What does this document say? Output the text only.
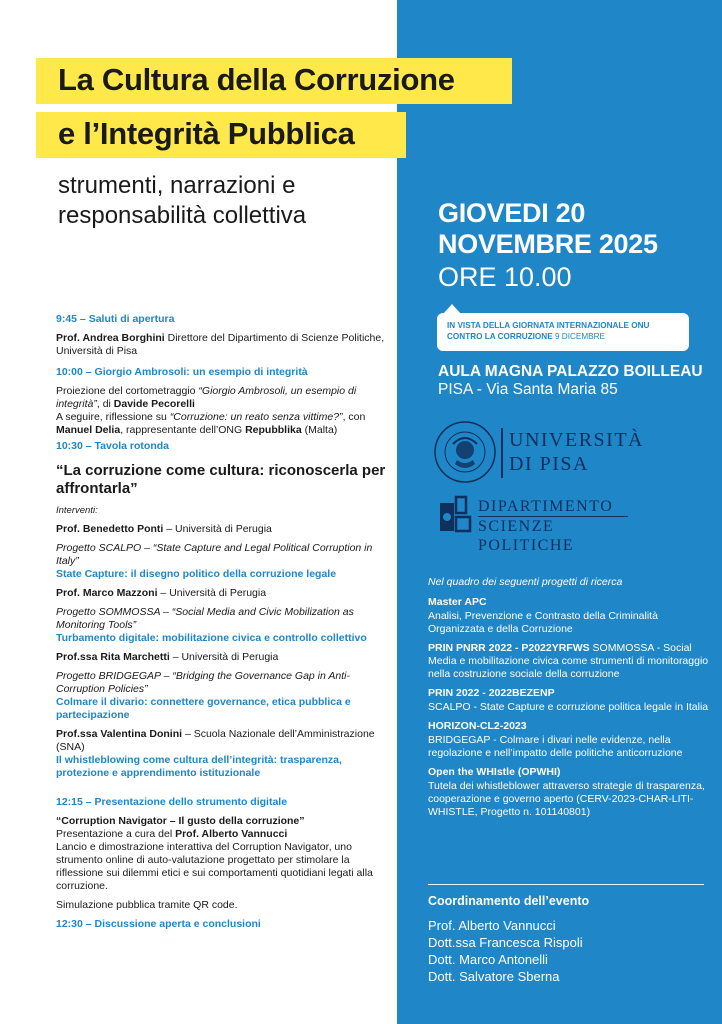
La Cultura della Corruzione
e l’Integrità Pubblica
strumenti, narrazioni e
responsabilità collettiva	GIOVEDI 20
NOVEMBRE 2025
ORE 10.00
IN VISTA DELLA GIORNATA INTERNAZIONALE ONU
CONTRO LA CORRUZIONE 9 DICEMBRE
AULA MAGNA PALAZZO BOILLEAU
PISA - Via Santa Maria 85
UNIVERSITÀ
DI PISA
DIPARTIMENTO
SCIENZE POLITICHE
Nel quadro dei seguenti progetti di ricerca
Master APC
Analisi, Prevenzione e Contrasto della Criminalità Organizzata e della Corruzione
PRIN PNRR 2022 - P2022YRFWS SOMMOSSA - Social Media e mobilitazione civica come strumenti di monitoraggio nella costruzione sociale della corruzione
PRIN 2022 - 2022BEZENP
SCALPO - State Capture e corruzione politica legale in Italia
HORIZON-CL2-2023
BRIDGEGAP - Colmare i divari nelle evidenze, nella regolazione e nell’impatto delle politiche anticorruzione
Open the WHIstle (OPWHI)
Tutela dei whistleblower attraverso strategie di trasparenza, cooperazione e governo aperto (CERV-2023-CHAR-LITI-WHISTLE, Progetto n. 101140801)
Coordinamento dell’evento
Prof. Alberto Vannucci
Dott.ssa Francesca Rispoli
Dott. Marco Antonelli
Dott. Salvatore Sberna
9:45 – Saluti di apertura
Prof. Andrea Borghini Direttore del Dipartimento di Scienze Politiche, Università di Pisa
10:00 – Giorgio Ambrosoli: un esempio di integrità
Proiezione del cortometraggio “Giorgio Ambrosoli, un esempio di integrità”, di Davide Pecorelli
A seguire, riflessione su “Corruzione: un reato senza vittime?”, con Manuel Delia, rappresentante dell’ONG Repubblika (Malta)
10:30 – Tavola rotonda
“La corruzione come cultura: riconoscerla per affrontarla”
Interventi:
Prof. Benedetto Ponti – Università di Perugia
Progetto SCALPO – “State Capture and Legal Political Corruption in Italy”
State Capture: il disegno politico della corruzione legale
Prof. Marco Mazzoni – Università di Perugia
Progetto SOMMOSSA – “Social Media and Civic Mobilization as Monitoring Tools”
Turbamento digitale: mobilitazione civica e controllo collettivo
Prof.ssa Rita Marchetti – Università di Perugia
Progetto BRIDGEGAP – “Bridging the Governance Gap in Anti-Corruption Policies”
Colmare il divario: connettere governance, etica pubblica e partecipazione
Prof.ssa Valentina Donini – Scuola Nazionale dell’Amministrazione (SNA)
Il whistleblowing come cultura dell’integrità: trasparenza, protezione e apprendimento istituzionale
12:15 – Presentazione dello strumento digitale
“Corruption Navigator – Il gusto della corruzione”
Presentazione a cura del Prof. Alberto Vannucci
Lancio e dimostrazione interattiva del Corruption Navigator, uno strumento online di auto-valutazione progettato per stimolare la riflessione sui dilemmi etici e sui comportamenti quotidiani legati alla corruzione.
Simulazione pubblica tramite QR code.
12:30 – Discussione aperta e conclusioni
